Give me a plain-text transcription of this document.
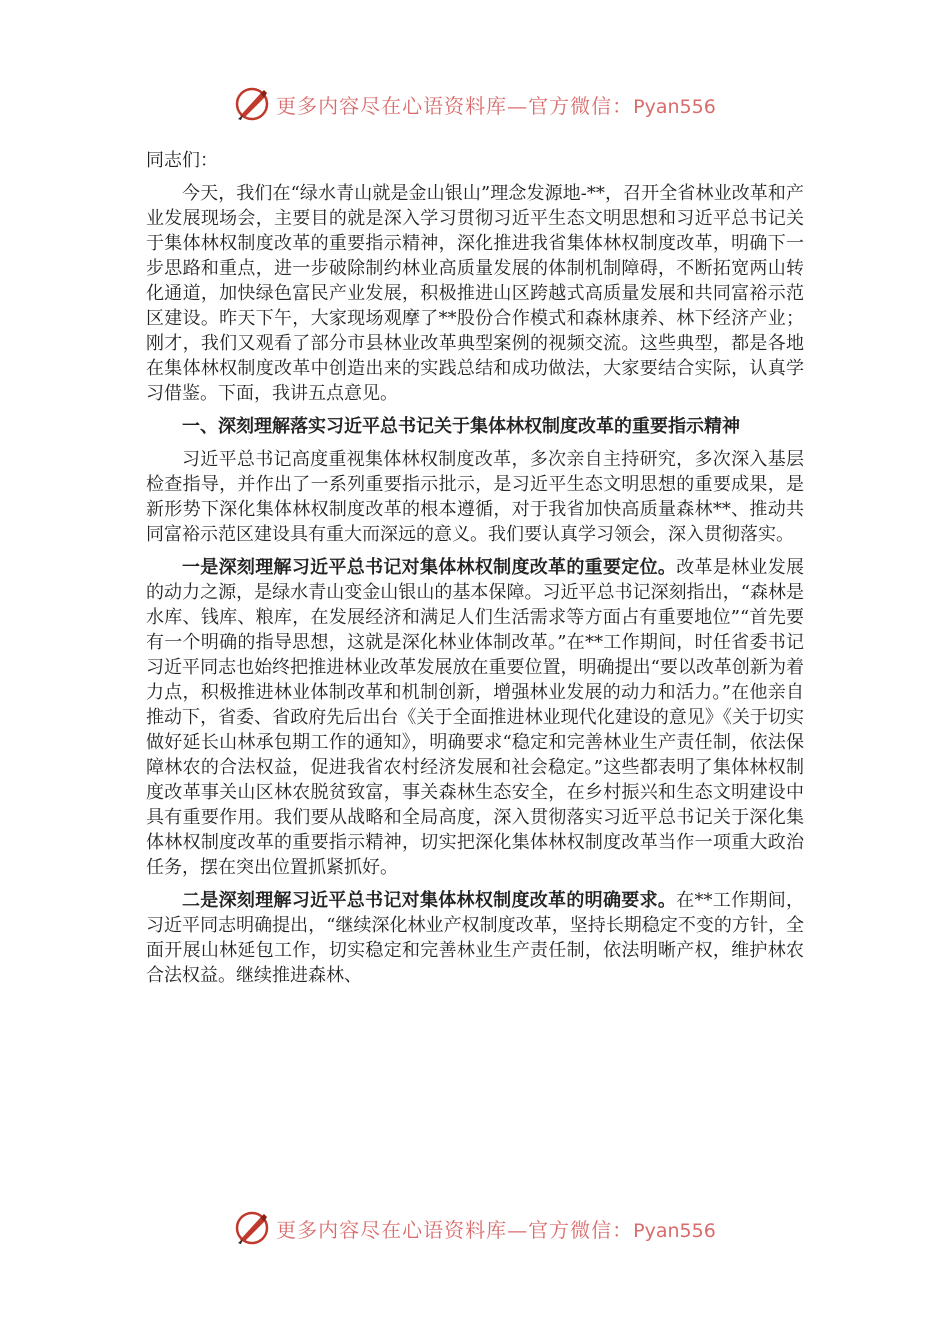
更多内容尽在心语资料库—官方微信：Pyan556

同志们：

今天，我们在“绿水青山就是金山银山”理念发源地-**，召开全省林业改革和产业发展现场会，主要目的就是深入学习贯彻习近平生态文明思想和习近平总书记关于集体林权制度改革的重要指示精神，深化推进我省集体林权制度改革，明确下一步思路和重点，进一步破除制约林业高质量发展的体制机制障碍，不断拓宽两山转化通道，加快绿色富民产业发展，积极推进山区跨越式高质量发展和共同富裕示范区建设。昨天下午，大家现场观摩了**股份合作模式和森林康养、林下经济产业；刚才，我们又观看了部分市县林业改革典型案例的视频交流。这些典型，都是各地在集体林权制度改革中创造出来的实践总结和成功做法，大家要结合实际，认真学习借鉴。下面，我讲五点意见。

一、深刻理解落实习近平总书记关于集体林权制度改革的重要指示精神

习近平总书记高度重视集体林权制度改革，多次亲自主持研究，多次深入基层检查指导，并作出了一系列重要指示批示，是习近平生态文明思想的重要成果，是新形势下深化集体林权制度改革的根本遵循，对于我省加快高质量森林**、推动共同富裕示范区建设具有重大而深远的意义。我们要认真学习领会，深入贯彻落实。

一是深刻理解习近平总书记对集体林权制度改革的重要定位。改革是林业发展的动力之源，是绿水青山变金山银山的基本保障。习近平总书记深刻指出，“森林是水库、钱库、粮库，在发展经济和满足人们生活需求等方面占有重要地位”“首先要有一个明确的指导思想，这就是深化林业体制改革。”在**工作期间，时任省委书记习近平同志也始终把推进林业改革发展放在重要位置，明确提出“要以改革创新为着力点，积极推进林业体制改革和机制创新，增强林业发展的动力和活力。”在他亲自推动下，省委、省政府先后出台《关于全面推进林业现代化建设的意见》《关于切实做好延长山林承包期工作的通知》，明确要求“稳定和完善林业生产责任制，依法保障林农的合法权益，促进我省农村经济发展和社会稳定。”这些都表明了集体林权制度改革事关山区林农脱贫致富，事关森林生态安全，在乡村振兴和生态文明建设中具有重要作用。我们要从战略和全局高度，深入贯彻落实习近平总书记关于深化集体林权制度改革的重要指示精神，切实把深化集体林权制度改革当作一项重大政治任务，摆在突出位置抓紧抓好。

二是深刻理解习近平总书记对集体林权制度改革的明确要求。在**工作期间，习近平同志明确提出，“继续深化林业产权制度改革，坚持长期稳定不变的方针，全面开展山林延包工作，切实稳定和完善林业生产责任制，依法明晰产权，维护林农合法权益。继续推进森林、

更多内容尽在心语资料库—官方微信：Pyan556
